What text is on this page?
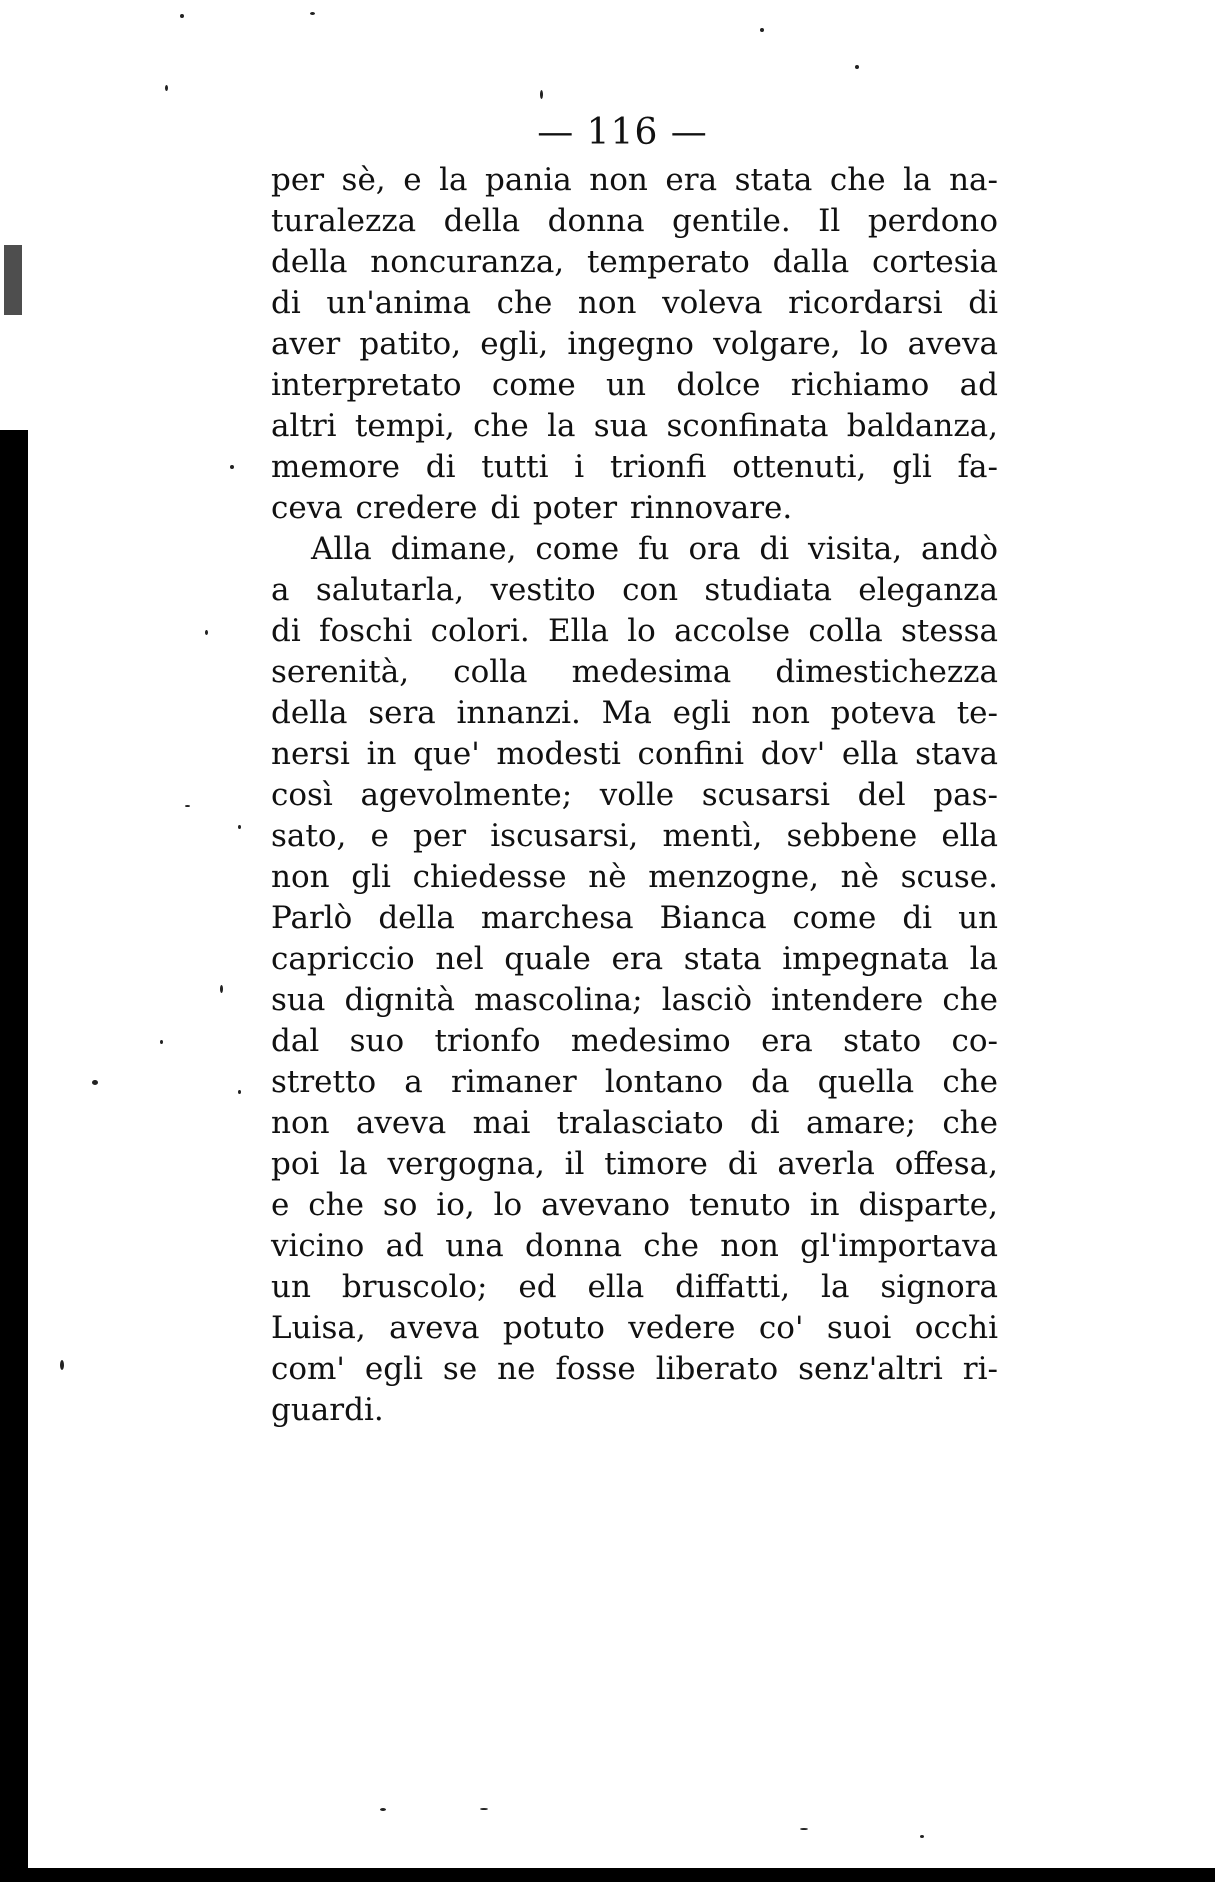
— 116 —
per sè, e la pania non era stata che la na-
turalezza della donna gentile. Il perdono
della noncuranza, temperato dalla cortesia
di un'anima che non voleva ricordarsi di
aver patito, egli, ingegno volgare, lo aveva
interpretato come un dolce richiamo ad
altri tempi, che la sua sconfinata baldanza,
memore di tutti i trionfi ottenuti, gli fa-
ceva credere di poter rinnovare.
Alla dimane, come fu ora di visita, andò
a salutarla, vestito con studiata eleganza
di foschi colori. Ella lo accolse colla stessa
serenità, colla medesima dimestichezza
della sera innanzi. Ma egli non poteva te-
nersi in que' modesti confini dov' ella stava
così agevolmente; volle scusarsi del pas-
sato, e per iscusarsi, mentì, sebbene ella
non gli chiedesse nè menzogne, nè scuse.
Parlò della marchesa Bianca come di un
capriccio nel quale era stata impegnata la
sua dignità mascolina; lasciò intendere che
dal suo trionfo medesimo era stato co-
stretto a rimaner lontano da quella che
non aveva mai tralasciato di amare; che
poi la vergogna, il timore di averla offesa,
e che so io, lo avevano tenuto in disparte,
vicino ad una donna che non gl'importava
un bruscolo; ed ella diffatti, la signora
Luisa, aveva potuto vedere co' suoi occhi
com' egli se ne fosse liberato senz'altri ri-
guardi.
